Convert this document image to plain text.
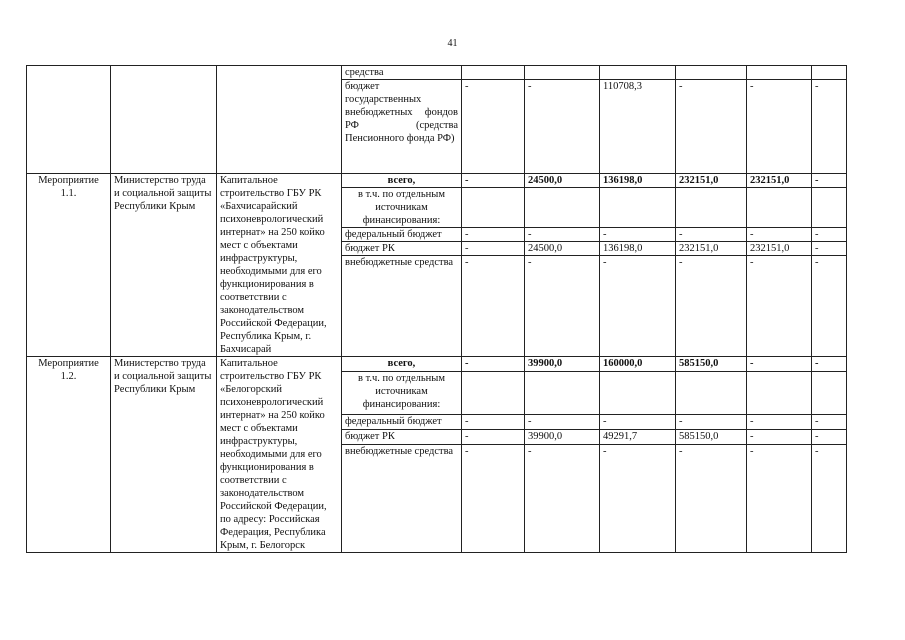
41
			средства						
			бюджет государственных внебюджетных фондов РФ (средства Пенсионного фонда РФ)	-	-	110708,3	-	-	-
Мероприятие 1.1.	Министерство труда и социальной защиты Республики Крым	Капитальное строительство ГБУ РК «Бахчисарайский психоневрологический интернат» на 250 койко мест с объектами инфраструктуры, необходимыми для его функционирования в соответствии с законодательством Российской Федерации, Республика Крым, г. Бахчисарай	всего,	-	24500,0	136198,0	232151,0	232151,0	-
			в т.ч. по отдельным источникам финансирования:						
			федеральный бюджет	-	-	-	-	-	-
			бюджет РК	-	24500,0	136198,0	232151,0	232151,0	-
			внебюджетные средства	-	-	-	-	-	-
Мероприятие 1.2.	Министерство труда и социальной защиты Республики Крым	Капитальное строительство ГБУ РК «Белогорский психоневрологический интернат» на 250 койко мест с объектами инфраструктуры, необходимыми для его функционирования в соответствии с законодательством Российской Федерации, по адресу: Российская Федерация, Республика Крым, г. Белогорск	всего,	-	39900,0	160000,0	585150,0	-	-
			в т.ч. по отдельным источникам финансирования:						
			федеральный бюджет	-	-	-	-	-	-
			бюджет РК	-	39900,0	49291,7	585150,0	-	-
			внебюджетные средства	-	-	-	-	-	-
